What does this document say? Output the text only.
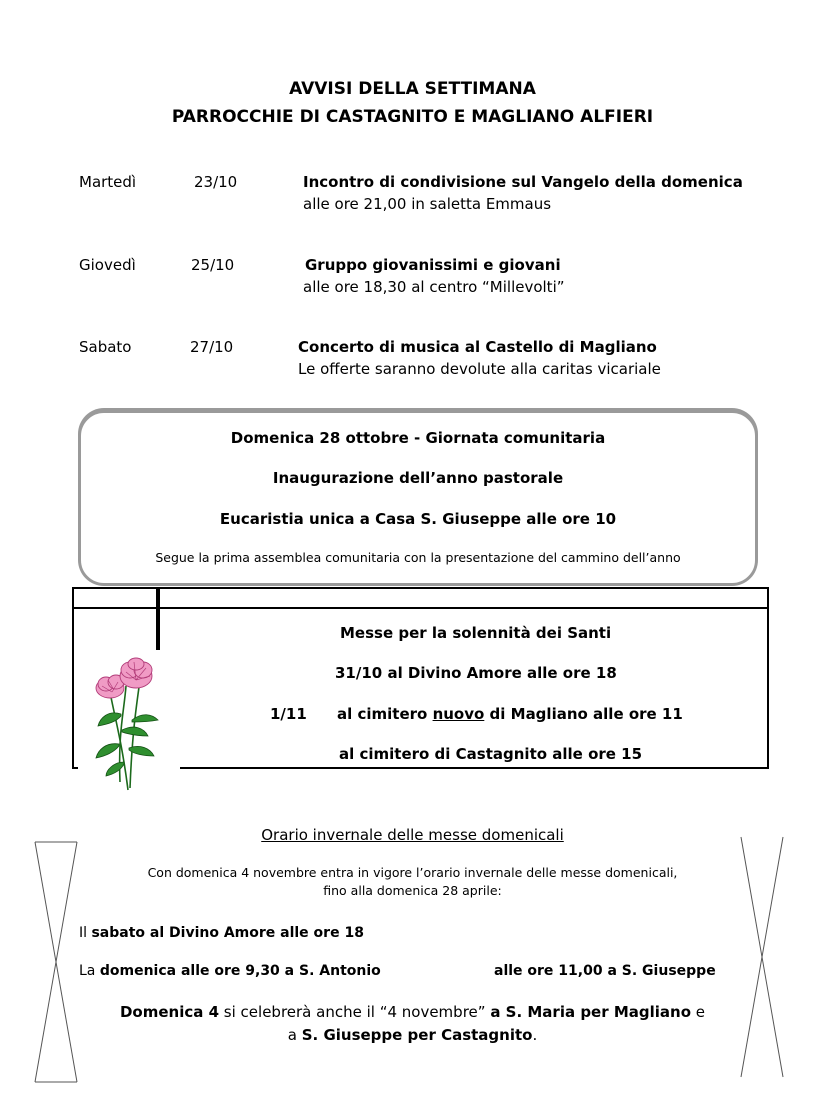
AVVISI DELLA SETTIMANA
PARROCCHIE DI CASTAGNITO E MAGLIANO ALFIERI
Martedì	23/10	Incontro di condivisione sul Vangelo della domenica
alle ore 21,00 in saletta Emmaus
Giovedì	25/10	Gruppo giovanissimi e giovani
alle ore 18,30 al centro “Millevolti”
Sabato	27/10	Concerto di musica al Castello di Magliano
Le offerte saranno devolute alla caritas vicariale
Domenica 28 ottobre - Giornata comunitaria
Inaugurazione dell’anno pastorale
Eucaristia unica a Casa S. Giuseppe alle ore 10
Segue la prima assemblea comunitaria con la presentazione del cammino dell’anno
Messe per la solennità dei Santi
31/10 al Divino Amore alle ore 18
1/11 al cimitero nuovo di Magliano alle ore 11
al cimitero di Castagnito alle ore 15
Orario invernale delle messe domenicali
Con domenica 4 novembre entra in vigore l’orario invernale delle messe domenicali,
fino alla domenica 28 aprile:
Il sabato al Divino Amore alle ore 18
La domenica alle ore 9,30 a S. Antonio	alle ore 11,00 a S. Giuseppe
Domenica 4 si celebrerà anche il “4 novembre” a S. Maria per Magliano e
a S. Giuseppe per Castagnito.
